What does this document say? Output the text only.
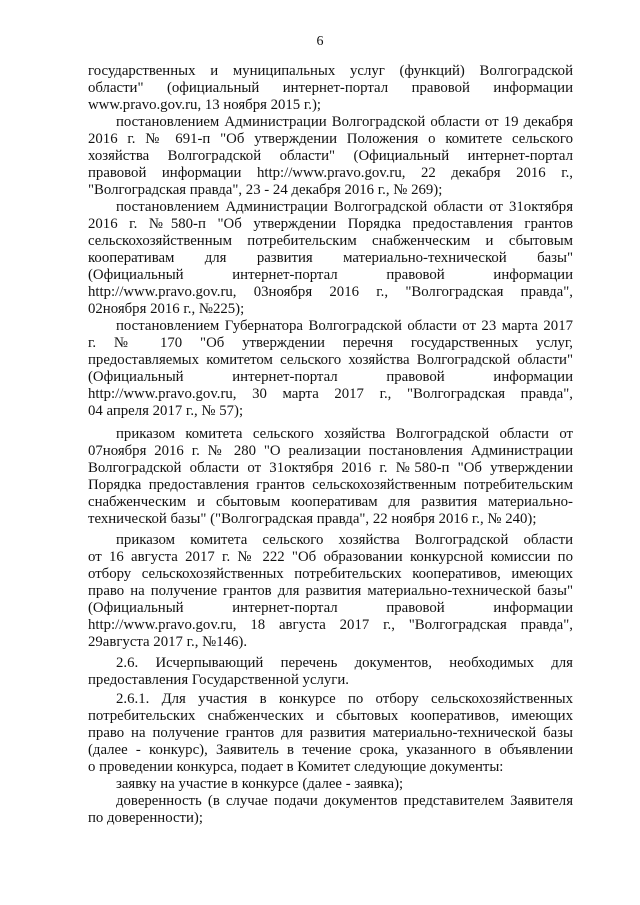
6
государственных и муниципальных услуг (функций) Волгоградской
области" (официальный интернет-портал правовой информации
www.pravo.gov.ru, 13 ноября 2015 г.);
постановлением Администрации Волгоградской области от 19 декабря
2016 г. № 691-п "Об утверждении Положения о комитете сельского
хозяйства Волгоградской области" (Официальный интернет-портал
правовой информации http://www.pravo.gov.ru, 22 декабря 2016 г.,
"Волгоградская правда", 23 - 24 декабря 2016 г., № 269);
постановлением Администрации Волгоградской области от 31октября
2016 г. №580-п "Об утверждении Порядка предоставления грантов
сельскохозяйственным потребительским снабженческим и сбытовым
кооперативам для развития материально-технической базы"
(Официальный интернет-портал правовой информации
http://www.pravo.gov.ru, 03ноября 2016 г., "Волгоградская правда",
02ноября 2016 г., №225);
постановлением Губернатора Волгоградской области от 23 марта 2017
г. № 170 "Об утверждении перечня государственных услуг,
предоставляемых комитетом сельского хозяйства Волгоградской области"
(Официальный интернет-портал правовой информации
http://www.pravo.gov.ru, 30 марта 2017 г., "Волгоградская правда",
04 апреля 2017 г., № 57);
приказом комитета сельского хозяйства Волгоградской области от
07ноября 2016 г. № 280 "О реализации постановления Администрации
Волгоградской области от 31октября 2016 г. №580-п "Об утверждении
Порядка предоставления грантов сельскохозяйственным потребительским
снабженческим и сбытовым кооперативам для развития материально-
технической базы" ("Волгоградская правда", 22 ноября 2016 г., № 240);
приказом комитета сельского хозяйства Волгоградской области
от 16 августа 2017 г. № 222 "Об образовании конкурсной комиссии по
отбору сельскохозяйственных потребительских кооперативов, имеющих
право на получение грантов для развития материально-технической базы"
(Официальный интернет-портал правовой информации
http://www.pravo.gov.ru, 18 августа 2017 г., "Волгоградская правда",
29августа 2017 г., №146).
2.6. Исчерпывающий перечень документов, необходимых для
предоставления Государственной услуги.
2.6.1. Для участия в конкурсе по отбору сельскохозяйственных
потребительских снабженческих и сбытовых кооперативов, имеющих
право на получение грантов для развития материально-технической базы
(далее - конкурс), Заявитель в течение срока, указанного в объявлении
о проведении конкурса, подает в Комитет следующие документы:
заявку на участие в конкурсе (далее - заявка);
доверенность (в случае подачи документов представителем Заявителя
по доверенности);
